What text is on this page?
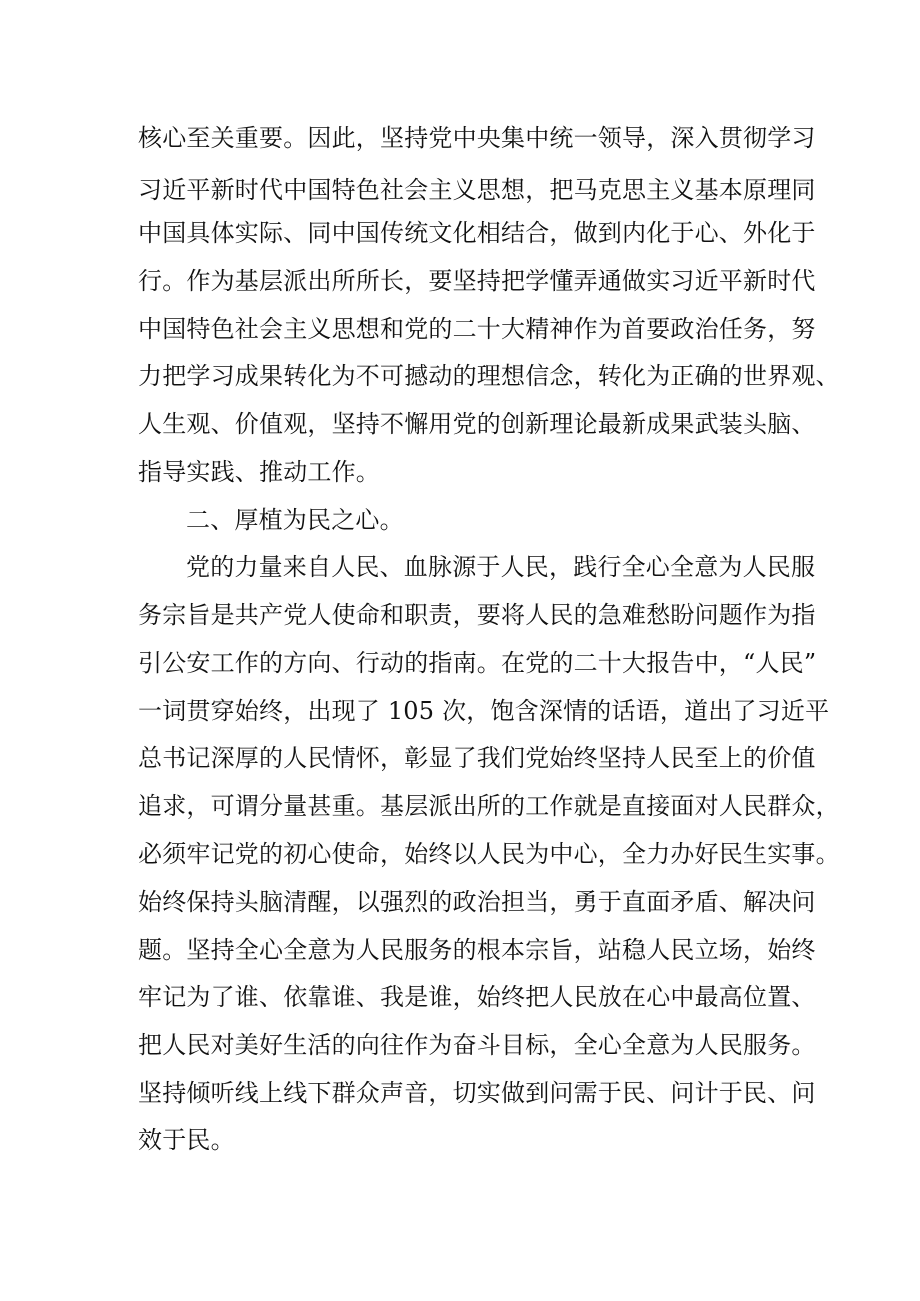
核心至关重要。因此，坚持党中央集中统一领导，深入贯彻学习
习近平新时代中国特色社会主义思想，把马克思主义基本原理同
中国具体实际、同中国传统文化相结合，做到内化于心、外化于
行。作为基层派出所所长，要坚持把学懂弄通做实习近平新时代
中国特色社会主义思想和党的二十大精神作为首要政治任务，努
力把学习成果转化为不可撼动的理想信念，转化为正确的世界观、
人生观、价值观，坚持不懈用党的创新理论最新成果武装头脑、
指导实践、推动工作。
二、厚植为民之心。
党的力量来自人民、血脉源于人民，践行全心全意为人民服
务宗旨是共产党人使命和职责，要将人民的急难愁盼问题作为指
引公安工作的方向、行动的指南。在党的二十大报告中，“人民”
一词贯穿始终，出现了 105 次，饱含深情的话语，道出了习近平
总书记深厚的人民情怀，彰显了我们党始终坚持人民至上的价值
追求，可谓分量甚重。基层派出所的工作就是直接面对人民群众，
必须牢记党的初心使命，始终以人民为中心，全力办好民生实事。
始终保持头脑清醒，以强烈的政治担当，勇于直面矛盾、解决问
题。坚持全心全意为人民服务的根本宗旨，站稳人民立场，始终
牢记为了谁、依靠谁、我是谁，始终把人民放在心中最高位置、
把人民对美好生活的向往作为奋斗目标，全心全意为人民服务。
坚持倾听线上线下群众声音，切实做到问需于民、问计于民、问
效于民。
